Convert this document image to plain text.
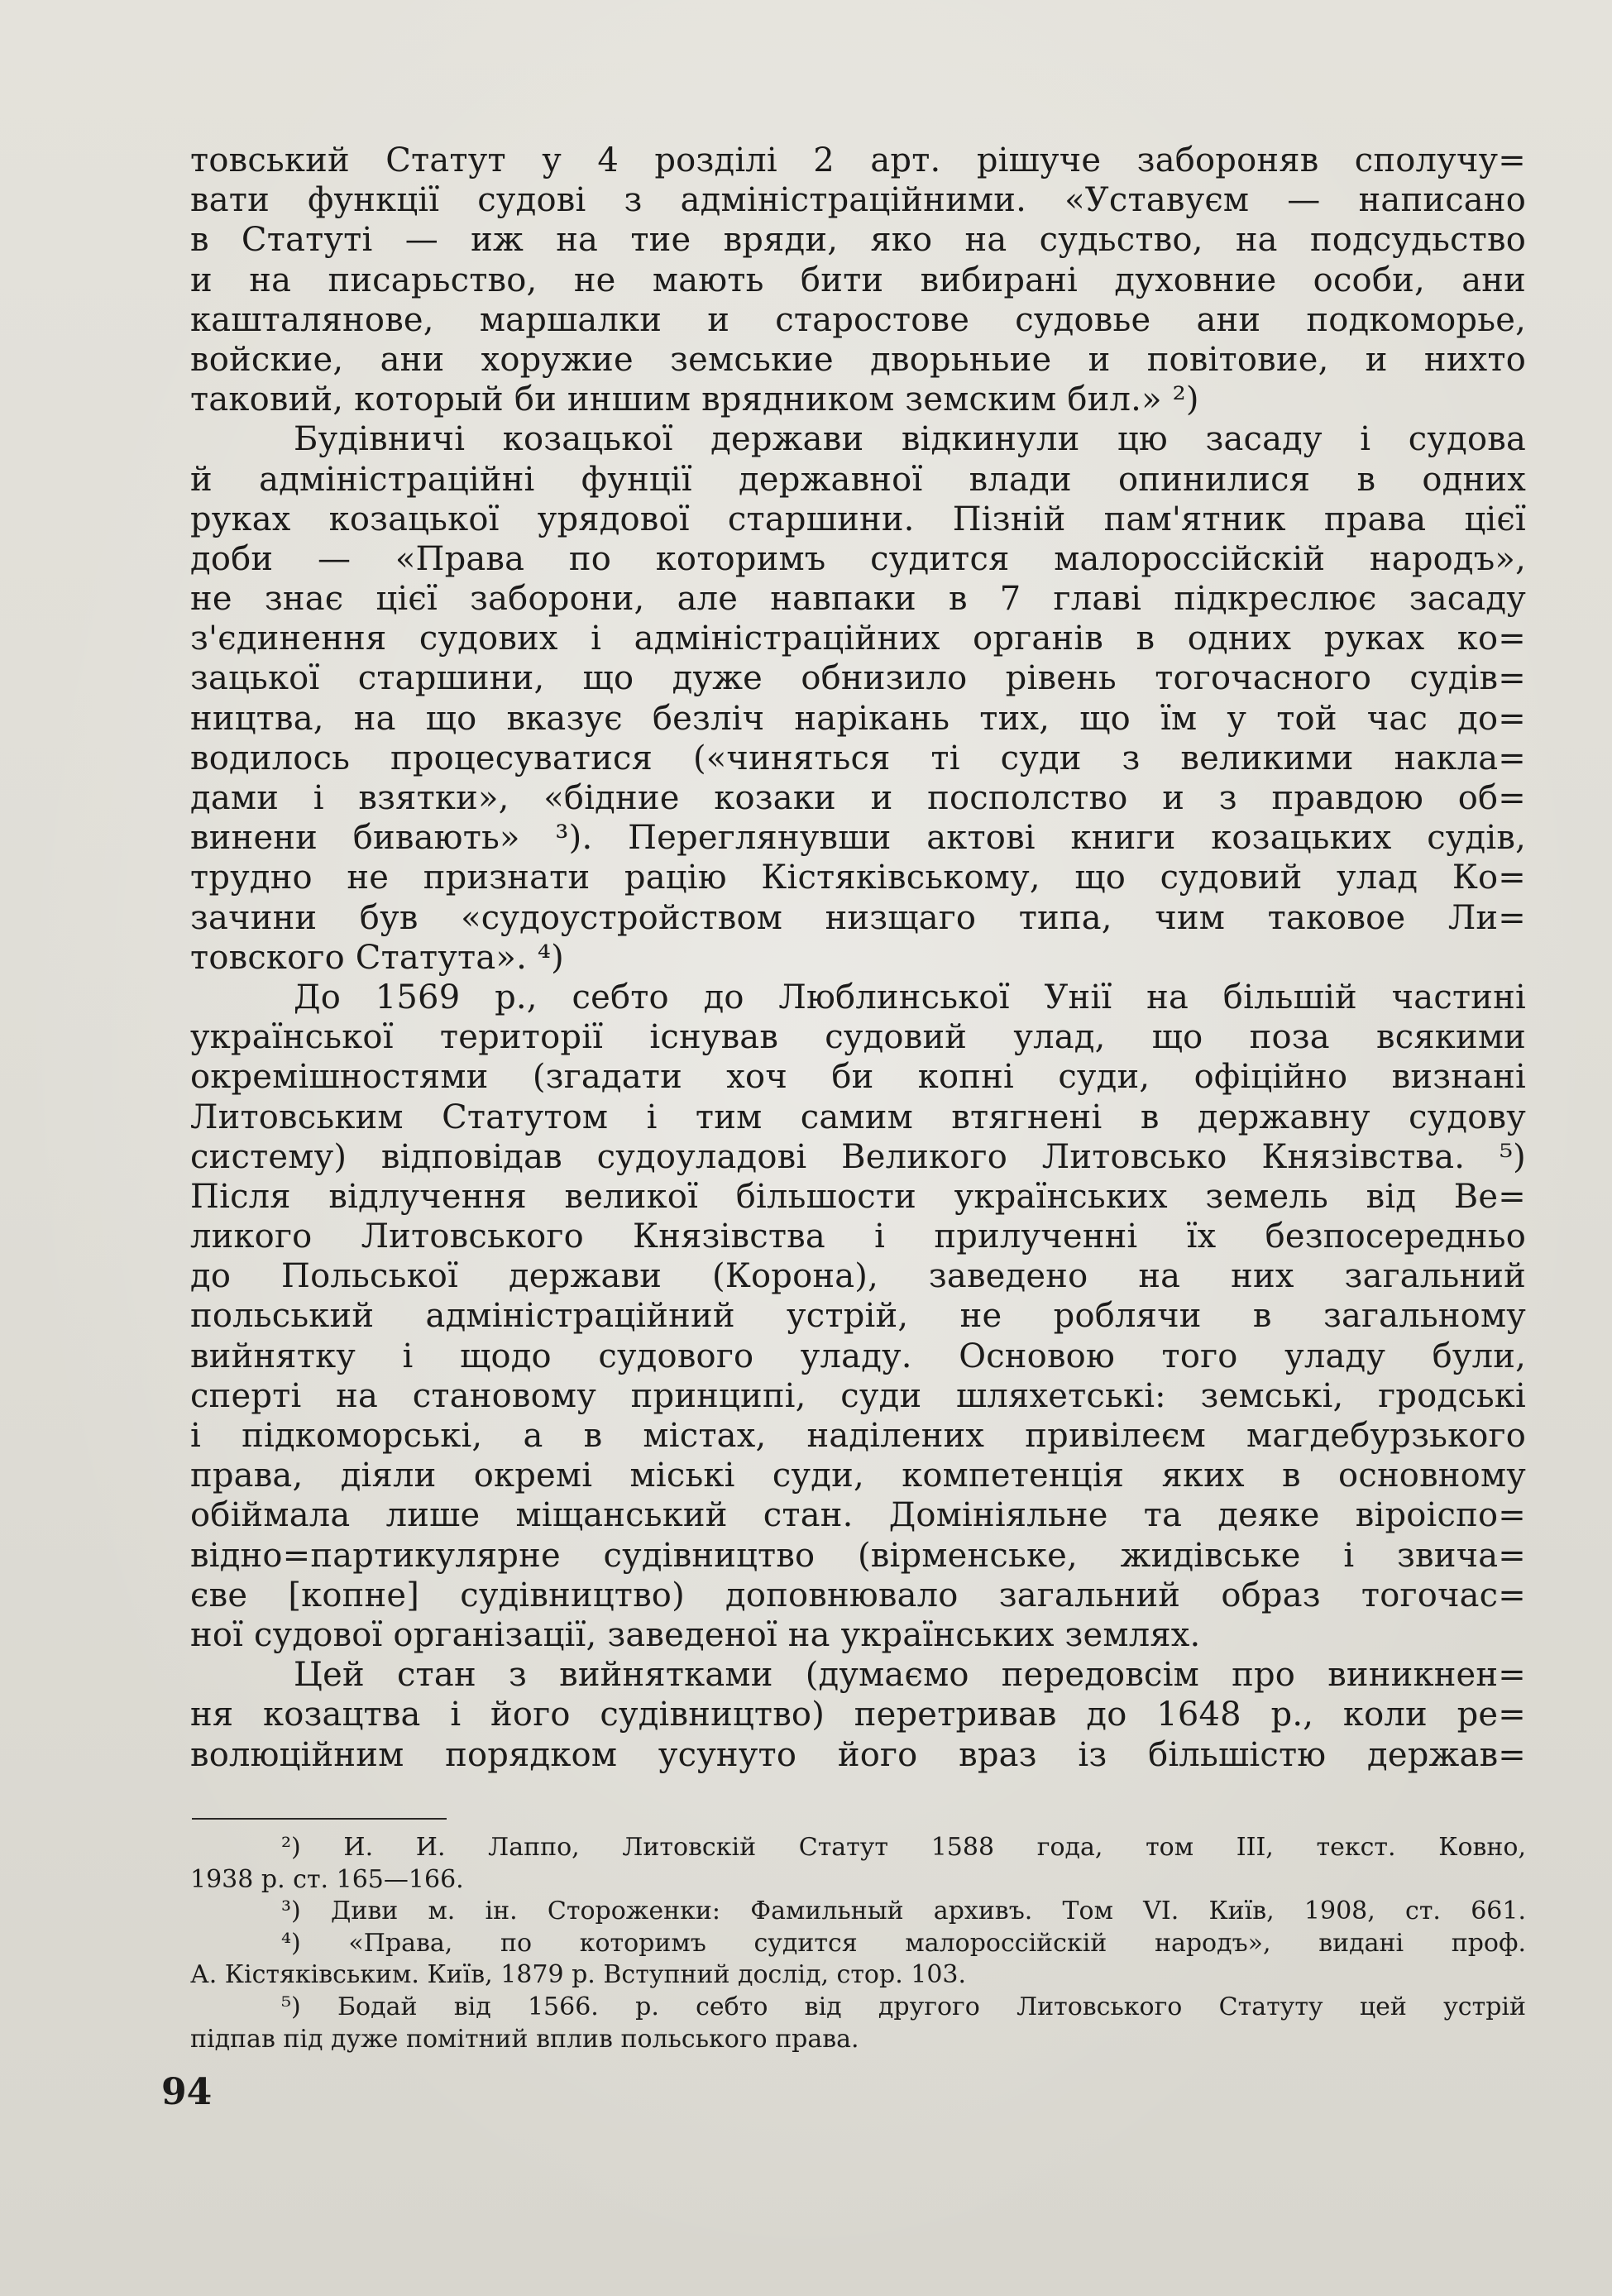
товський Статут у 4 розділі 2 арт. рішуче забороняв сполучу=
вати функції судові з адміністраційними. «Уставуєм — написано
в Статуті — иж на тие вряди, яко на судьство, на подсудьство
и на писарьство, не мають бити вибирані духовние особи, ани
кашталянове, маршалки и старостове судовье ани подкоморье,
войские, ани хоружие земськие дворьньие и повітовие, и нихто
таковий, который би иншим врядником земским бил.» ²)
Будівничі козацької держави відкинули цю засаду і судова
й адміністраційні фунції державної влади опинилися в одних
руках козацької урядової старшини. Пізній пам'ятник права цієї
доби — «Права по которимъ судится малороссійскій народъ»,
не знає цієї заборони, але навпаки в 7 главі підкреслює засаду
з'єдинення судових і адміністраційних органів в одних руках ко=
зацької старшини, що дуже обнизило рівень тогочасного судів=
ництва, на що вказує безліч нарікань тих, що їм у той час до=
водилось процесуватися («чиняться ті суди з великими накла=
дами і взятки», «бідние козаки и посполство и з правдою об=
винени бивають» ³). Переглянувши актові книги козацьких судів,
трудно не признати рацію Кістяківському, що судовий улад Ко=
зачини був «судоустройством низщаго типа, чим таковое Ли=
товского Статута». ⁴)
До 1569 р., себто до Люблинської Унії на більшій частині
української території існував судовий улад, що поза всякими
окремішностями (згадати хоч би копні суди, офіційно визнані
Литовським Статутом і тим самим втягнені в державну судову
систему) відповідав судоуладові Великого Литовсько Князівства. ⁵)
Після відлучення великої більшости українських земель від Ве=
ликого Литовського Князівства і прилученні їх безпосередньо
до Польської держави (Корона), заведено на них загальний
польський адміністраційний устрій, не роблячи в загальному
вийнятку і щодо судового уладу. Основою того уладу були,
сперті на становому принципі, суди шляхетські: земські, гродські
і підкоморські, а в містах, наділених привілеєм магдебурзького
права, діяли окремі міські суди, компетенція яких в основному
обіймала лише міщанський стан. Домініяльне та деяке віроіспо=
відно=партикулярне судівництво (вірменське, жидівське і звича=
єве [копне] судівництво) доповнювало загальний образ тогочас=
ної судової організації, заведеної на українських землях.
Цей стан з вийнятками (думаємо передовсім про виникнен=
ня козацтва і його судівництво) перетривав до 1648 р., коли ре=
волюційним порядком усунуто його враз із більшістю держав=
²) И. И. Лаппо, Литовскій Статут 1588 года, том III, текст. Ковно,
1938 р. ст. 165—166.
³) Диви м. ін. Стороженки: Фамильный архивъ. Том VI. Київ, 1908, ст. 661.
⁴) «Права, по которимъ судится малороссійскій народъ», видані проф.
А. Кістяківським. Київ, 1879 р. Вступний дослід, стор. 103.
⁵) Бодай від 1566. р. себто від другого Литовського Статуту цей устрій
підпав під дуже помітний вплив польського права.
94
